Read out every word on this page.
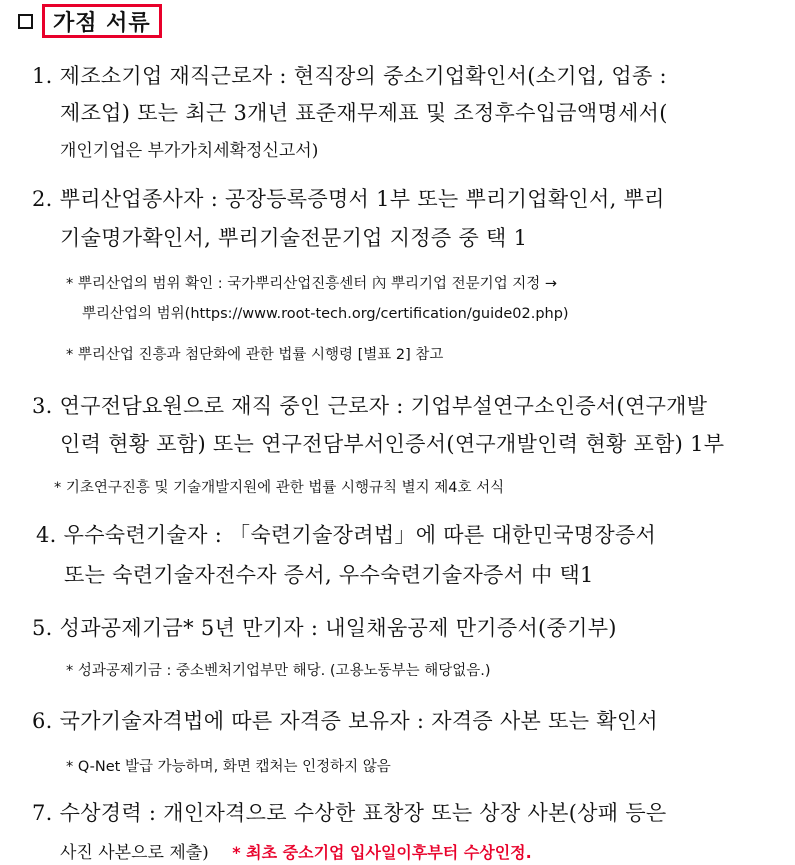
가점 서류
1. 제조소기업 재직근로자 : 현직장의 중소기업확인서(소기업, 업종 :
제조업) 또는 최근 3개년 표준재무제표 및 조정후수입금액명세서(
개인기업은 부가가치세확정신고서)
2. 뿌리산업종사자 : 공장등록증명서 1부 또는 뿌리기업확인서, 뿌리
기술명가확인서, 뿌리기술전문기업 지정증 중 택 1
* 뿌리산업의 범위 확인 : 국가뿌리산업진흥센터 內 뿌리기업 전문기업 지정 →
뿌리산업의 범위(https://www.root-tech.org/certification/guide02.php)
* 뿌리산업 진흥과 첨단화에 관한 법률 시행령 [별표 2] 참고
3. 연구전담요원으로 재직 중인 근로자 : 기업부설연구소인증서(연구개발
인력 현황 포함) 또는 연구전담부서인증서(연구개발인력 현황 포함) 1부
* 기초연구진흥 및 기술개발지원에 관한 법률 시행규칙 별지 제4호 서식
4. 우수숙련기술자 : 「숙련기술장려법」에 따른 대한민국명장증서
또는 숙련기술자전수자 증서, 우수숙련기술자증서 中 택1
5. 성과공제기금* 5년 만기자 : 내일채움공제 만기증서(중기부)
* 성과공제기금 : 중소벤처기업부만 해당. (고용노동부는 해당없음.)
6. 국가기술자격법에 따른 자격증 보유자 : 자격증 사본 또는 확인서
* Q-Net 발급 가능하며, 화면 캡처는 인정하지 않음
7. 수상경력 : 개인자격으로 수상한 표창장 또는 상장 사본(상패 등은
사진 사본으로 제출) * 최초 중소기업 입사일이후부터 수상인정.
